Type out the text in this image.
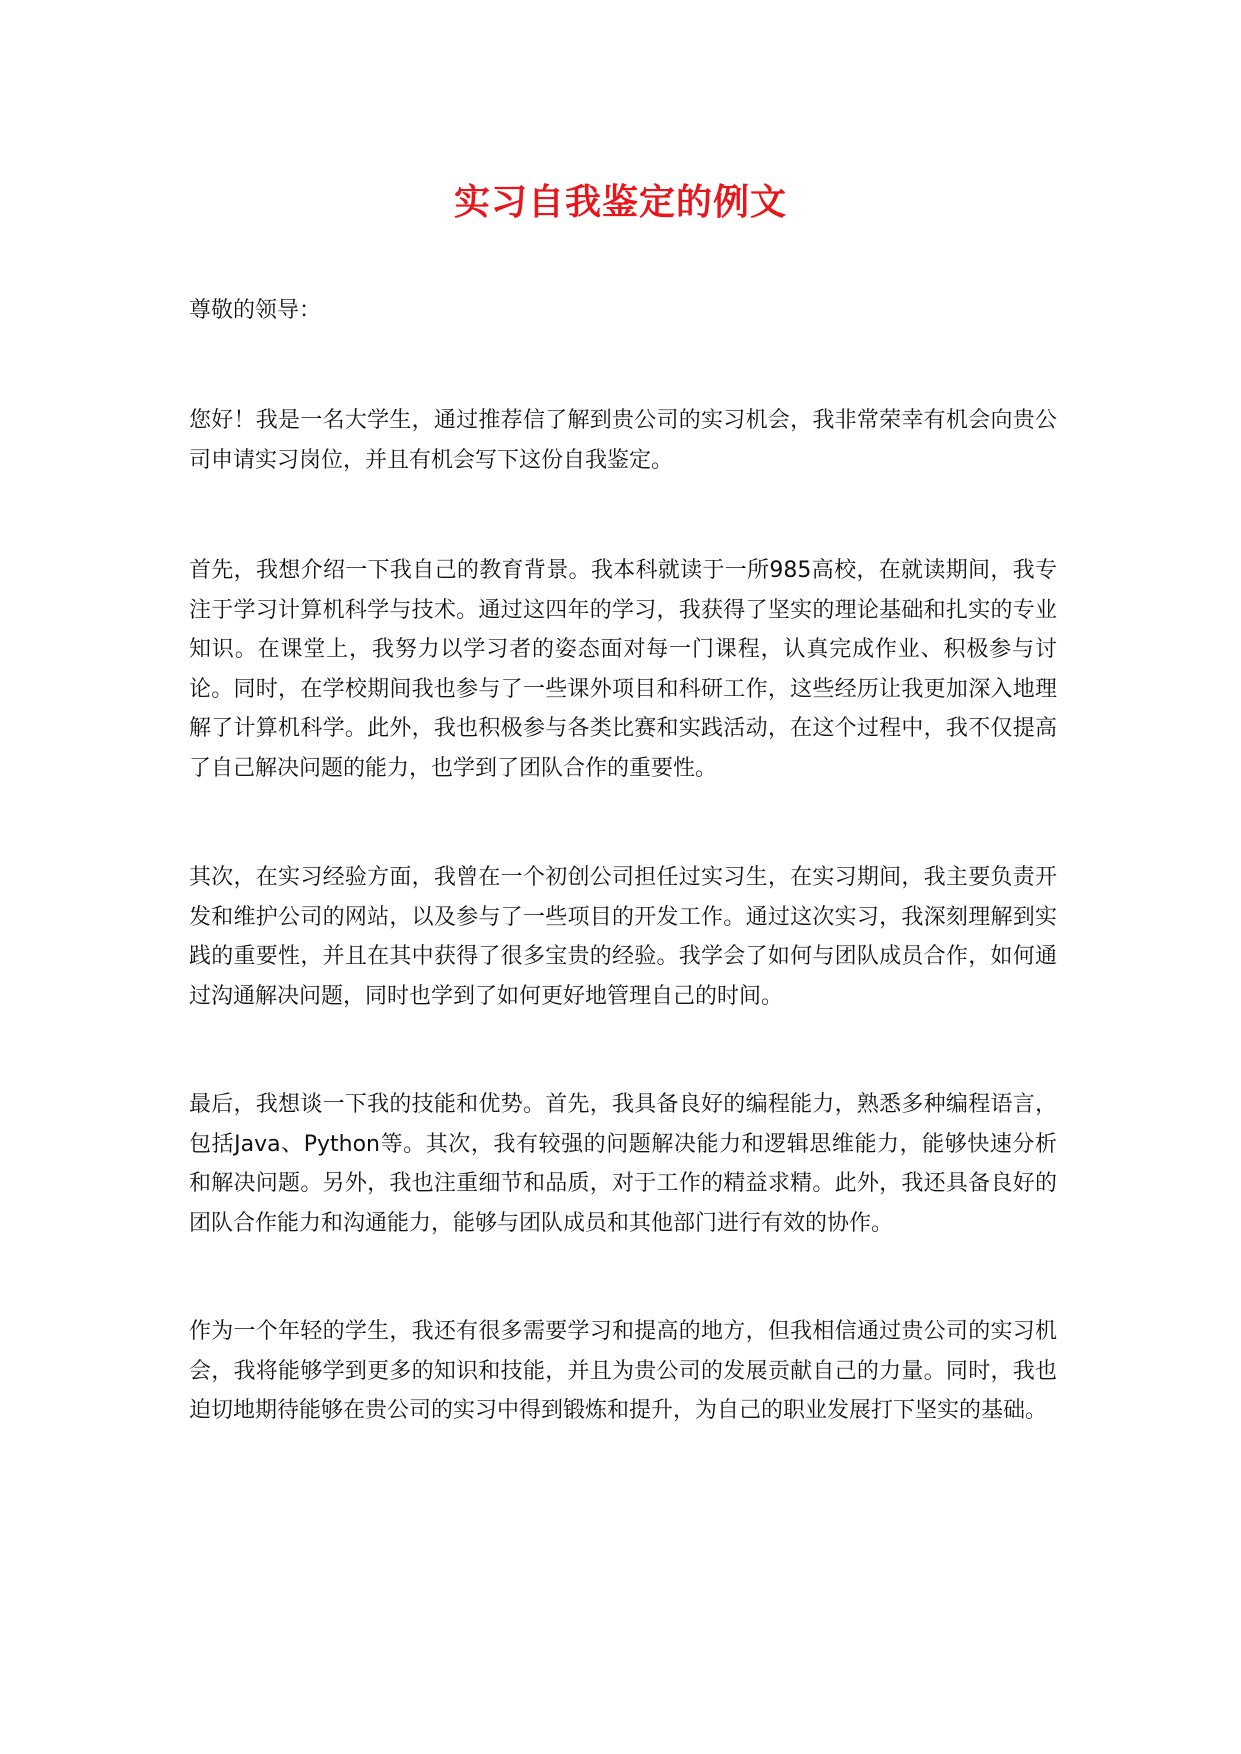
实习自我鉴定的例文

尊敬的领导：

您好！我是一名大学生，通过推荐信了解到贵公司的实习机会，我非常荣幸有机会向贵公司申请实习岗位，并且有机会写下这份自我鉴定。

首先，我想介绍一下我自己的教育背景。我本科就读于一所985高校，在就读期间，我专注于学习计算机科学与技术。通过这四年的学习，我获得了坚实的理论基础和扎实的专业知识。在课堂上，我努力以学习者的姿态面对每一门课程，认真完成作业、积极参与讨论。同时，在学校期间我也参与了一些课外项目和科研工作，这些经历让我更加深入地理解了计算机科学。此外，我也积极参与各类比赛和实践活动，在这个过程中，我不仅提高了自己解决问题的能力，也学到了团队合作的重要性。

其次，在实习经验方面，我曾在一个初创公司担任过实习生，在实习期间，我主要负责开发和维护公司的网站，以及参与了一些项目的开发工作。通过这次实习，我深刻理解到实践的重要性，并且在其中获得了很多宝贵的经验。我学会了如何与团队成员合作，如何通过沟通解决问题，同时也学到了如何更好地管理自己的时间。

最后，我想谈一下我的技能和优势。首先，我具备良好的编程能力，熟悉多种编程语言，包括Java、Python等。其次，我有较强的问题解决能力和逻辑思维能力，能够快速分析和解决问题。另外，我也注重细节和品质，对于工作的精益求精。此外，我还具备良好的团队合作能力和沟通能力，能够与团队成员和其他部门进行有效的协作。

作为一个年轻的学生，我还有很多需要学习和提高的地方，但我相信通过贵公司的实习机会，我将能够学到更多的知识和技能，并且为贵公司的发展贡献自己的力量。同时，我也迫切地期待能够在贵公司的实习中得到锻炼和提升，为自己的职业发展打下坚实的基础。
